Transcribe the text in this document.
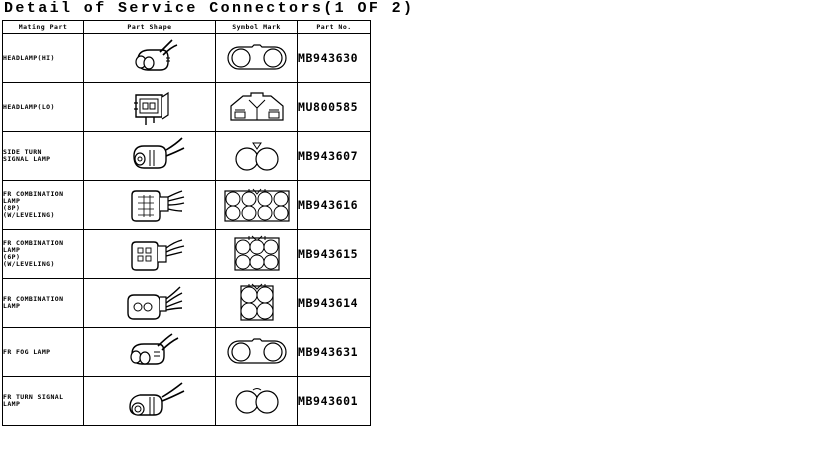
Detail of Service Connectors(1 OF 2)
Mating Part	Part Shape	Symbol Mark	Part No.
HEADLAMP(HI)			MB943630
HEADLAMP(LO)			MU800585
SIDE TURN
SIGNAL LAMP			MB943607
FR COMBINATION
LAMP
(8P)
(W/LEVELING)			MB943616
FR COMBINATION
LAMP
(6P)
(W/LEVELING)			MB943615
FR COMBINATION
LAMP			MB943614
FR FOG LAMP			MB943631
FR TURN SIGNAL
LAMP			MB943601
